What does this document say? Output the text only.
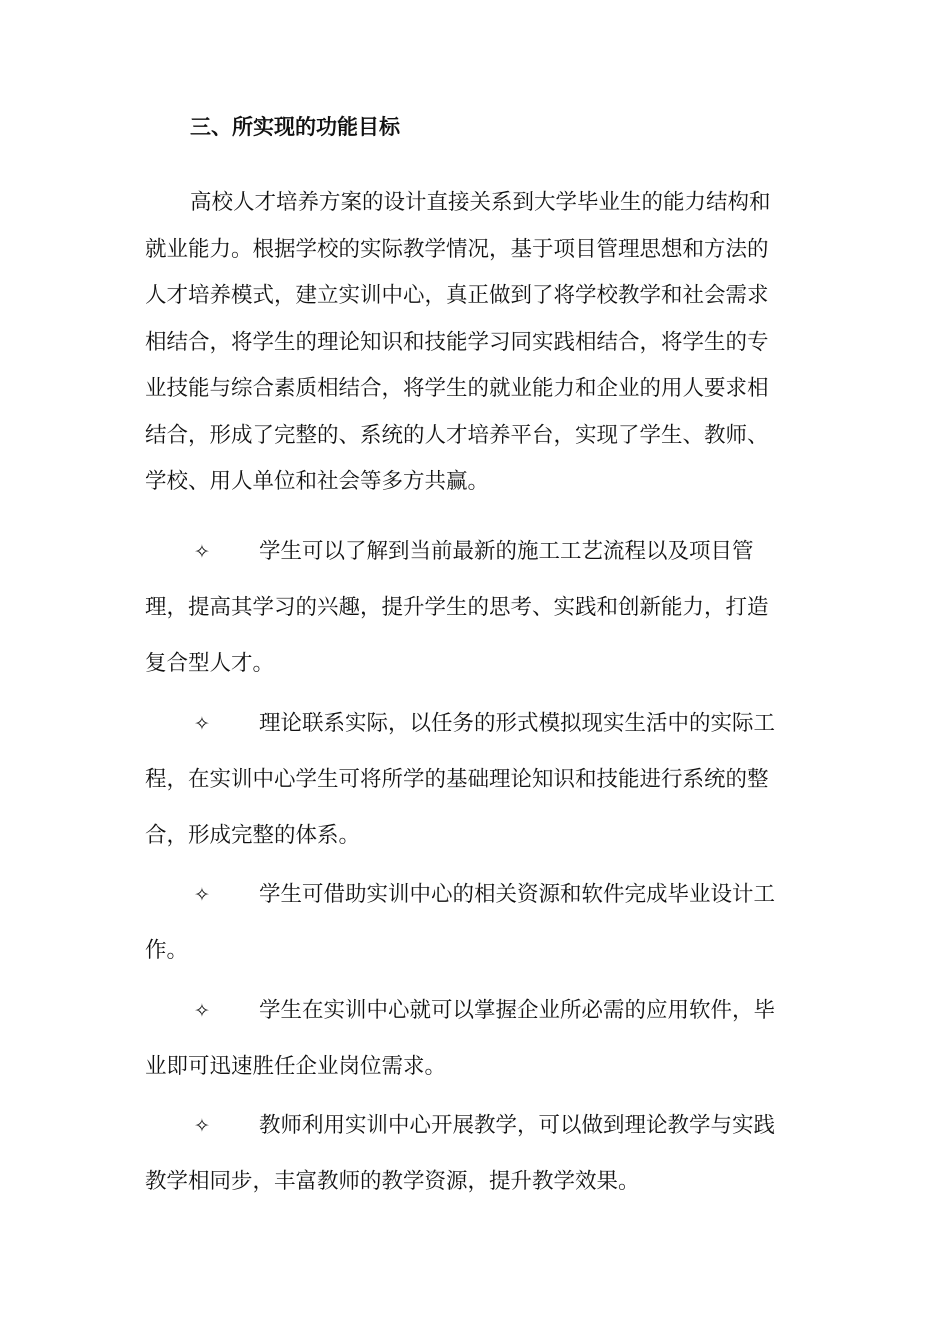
三、所实现的功能目标
高校人才培养方案的设计直接关系到大学毕业生的能力结构和
就业能力。根据学校的实际教学情况，基于项目管理思想和方法的
人才培养模式，建立实训中心，真正做到了将学校教学和社会需求
相结合，将学生的理论知识和技能学习同实践相结合，将学生的专
业技能与综合素质相结合，将学生的就业能力和企业的用人要求相
结合，形成了完整的、系统的人才培养平台，实现了学生、教师、
学校、用人单位和社会等多方共赢。
✧	学生可以了解到当前最新的施工工艺流程以及项目管
理，提高其学习的兴趣，提升学生的思考、实践和创新能力，打造
复合型人才。
✧	理论联系实际，以任务的形式模拟现实生活中的实际工
程，在实训中心学生可将所学的基础理论知识和技能进行系统的整
合，形成完整的体系。
✧	学生可借助实训中心的相关资源和软件完成毕业设计工
作。
✧	学生在实训中心就可以掌握企业所必需的应用软件，毕
业即可迅速胜任企业岗位需求。
✧	教师利用实训中心开展教学，可以做到理论教学与实践
教学相同步，丰富教师的教学资源，提升教学效果。
